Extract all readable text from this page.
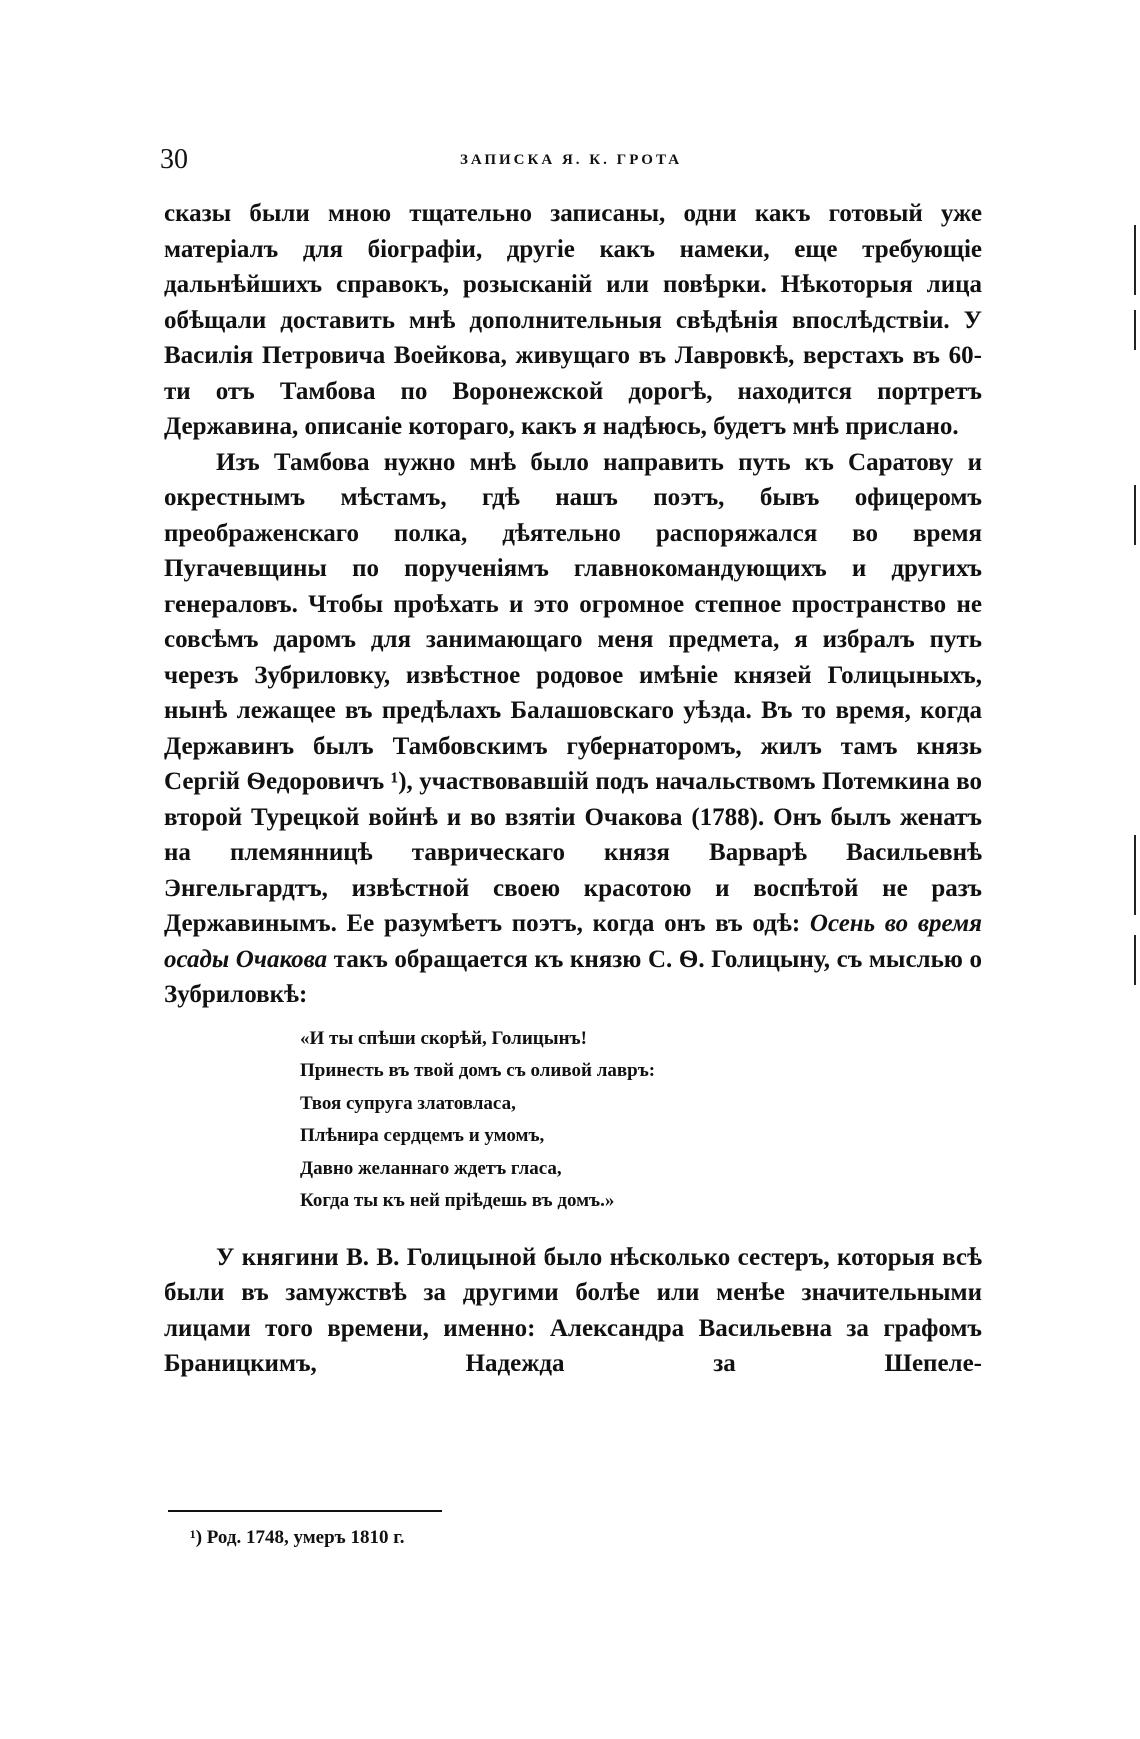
30	ЗАПИСКА Я. К. ГРОТА

сказы были мною тщательно записаны, одни какъ готовый уже матеріалъ для біографіи, другіе какъ намеки, еще требующіе дальнѣйшихъ справокъ, розысканій или повѣрки. Нѣкоторыя лица обѣщали доставить мнѣ дополнительныя свѣдѣнія впослѣдствіи. У Василія Петровича Воейкова, живущаго въ Лавровкѣ, верстахъ въ 60-ти отъ Тамбова по Воронежской дорогѣ, находится портретъ Державина, описаніе котораго, какъ я надѣюсь, будетъ мнѣ прислано.

Изъ Тамбова нужно мнѣ было направить путь къ Саратову и окрестнымъ мѣстамъ, гдѣ нашъ поэтъ, бывъ офицеромъ преображенскаго полка, дѣятельно распоряжался во время Пугачевщины по порученіямъ главнокомандующихъ и другихъ генераловъ. Чтобы проѣхать и это огромное степное пространство не совсѣмъ даромъ для занимающаго меня предмета, я избралъ путь черезъ Зубриловку, извѣстное родовое имѣніе князей Голицыныхъ, нынѣ лежащее въ предѣлахъ Балашовскаго уѣзда. Въ то время, когда Державинъ былъ Тамбовскимъ губернаторомъ, жилъ тамъ князь Сергій Ѳедоровичъ ¹), участвовавшій подъ начальствомъ Потемкина во второй Турецкой войнѣ и во взятіи Очакова (1788). Онъ былъ женатъ на племянницѣ таврическаго князя Варварѣ Васильевнѣ Энгельгардтъ, извѣстной своею красотою и воспѣтой не разъ Державинымъ. Ее разумѣетъ поэтъ, когда онъ въ одѣ: Осень во время осады Очакова такъ обращается къ князю С. Ѳ. Голицыну, съ мыслью о Зубриловкѣ:

«И ты спѣши скорѣй, Голицынъ!
Принесть въ твой домъ съ оливой лавръ:
Твоя супруга златовласа,
Плѣнира сердцемъ и умомъ,
Давно желаннаго ждетъ гласа,
Когда ты къ ней пріѣдешь въ домъ.»

У княгини В. В. Голицыной было нѣсколько сестеръ, которыя всѣ были въ замужствѣ за другими болѣе или менѣе значительными лицами того времени, именно: Александра Васильевна за графомъ Браницкимъ, Надежда за Шепеле-

¹) Род. 1748, умеръ 1810 г.
